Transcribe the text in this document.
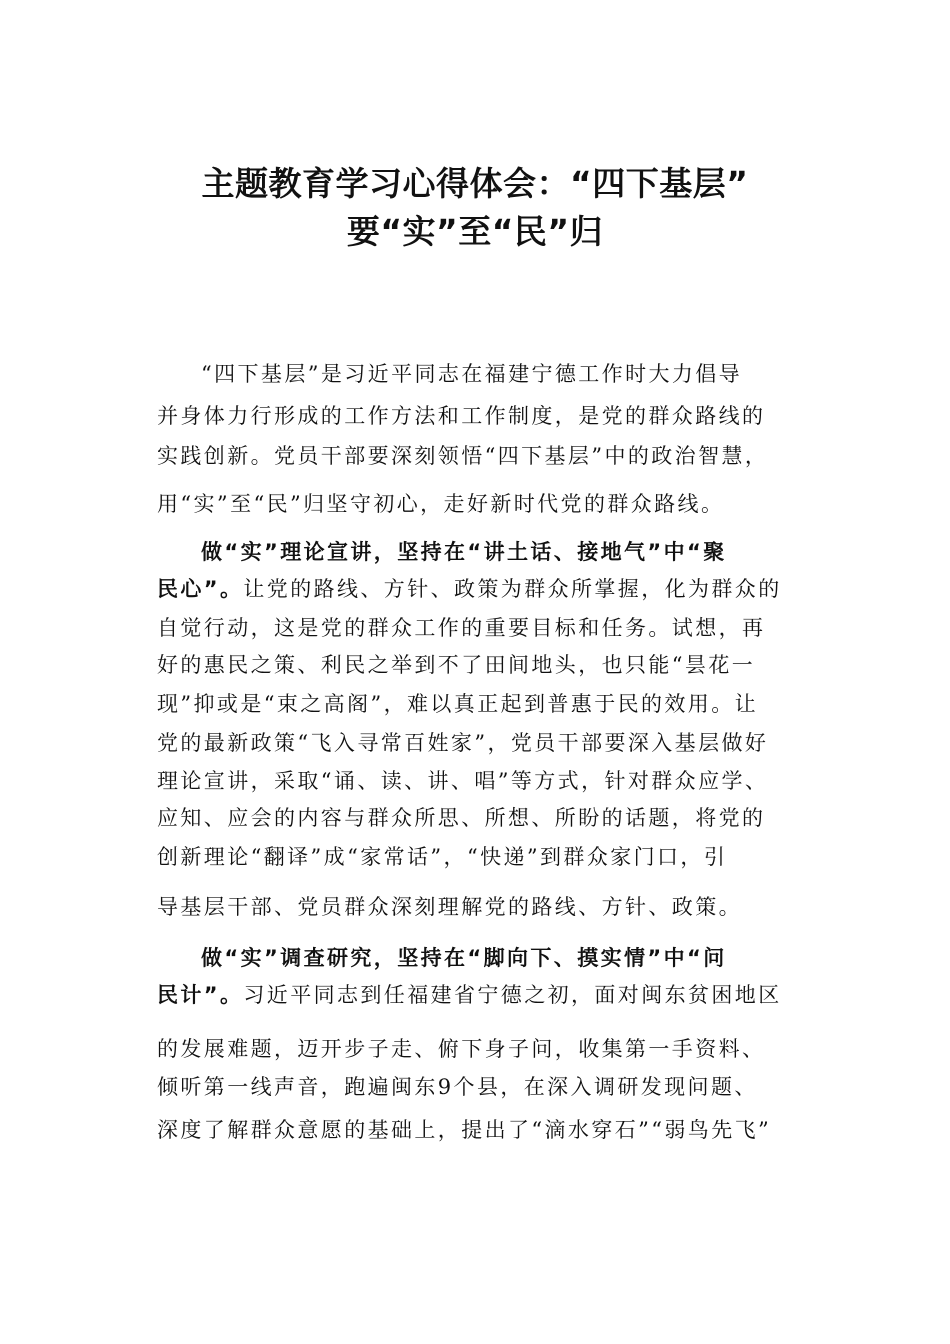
主题教育学习心得体会：“四下基层”
要“实”至“民”归
“四下基层”是习近平同志在福建宁德工作时大力倡导
并身体力行形成的工作方法和工作制度，是党的群众路线的
实践创新。党员干部要深刻领悟“四下基层”中的政治智慧，
用“实”至“民”归坚守初心，走好新时代党的群众路线。
做“实”理论宣讲，坚持在“讲土话、接地气”中“聚
民心”。让党的路线、方针、政策为群众所掌握，化为群众的
自觉行动，这是党的群众工作的重要目标和任务。试想，再
好的惠民之策、利民之举到不了田间地头，也只能“昙花一
现”抑或是“束之高阁”，难以真正起到普惠于民的效用。让
党的最新政策“飞入寻常百姓家”，党员干部要深入基层做好
理论宣讲，采取“诵、读、讲、唱”等方式，针对群众应学、
应知、应会的内容与群众所思、所想、所盼的话题，将党的
创新理论“翻译”成“家常话”，“快递”到群众家门口，引
导基层干部、党员群众深刻理解党的路线、方针、政策。
做“实”调查研究，坚持在“脚向下、摸实情”中“问
民计”。习近平同志到任福建省宁德之初，面对闽东贫困地区
的发展难题，迈开步子走、俯下身子问，收集第一手资料、
倾听第一线声音，跑遍闽东9个县，在深入调研发现问题、
深度了解群众意愿的基础上，提出了“滴水穿石”“弱鸟先飞”
